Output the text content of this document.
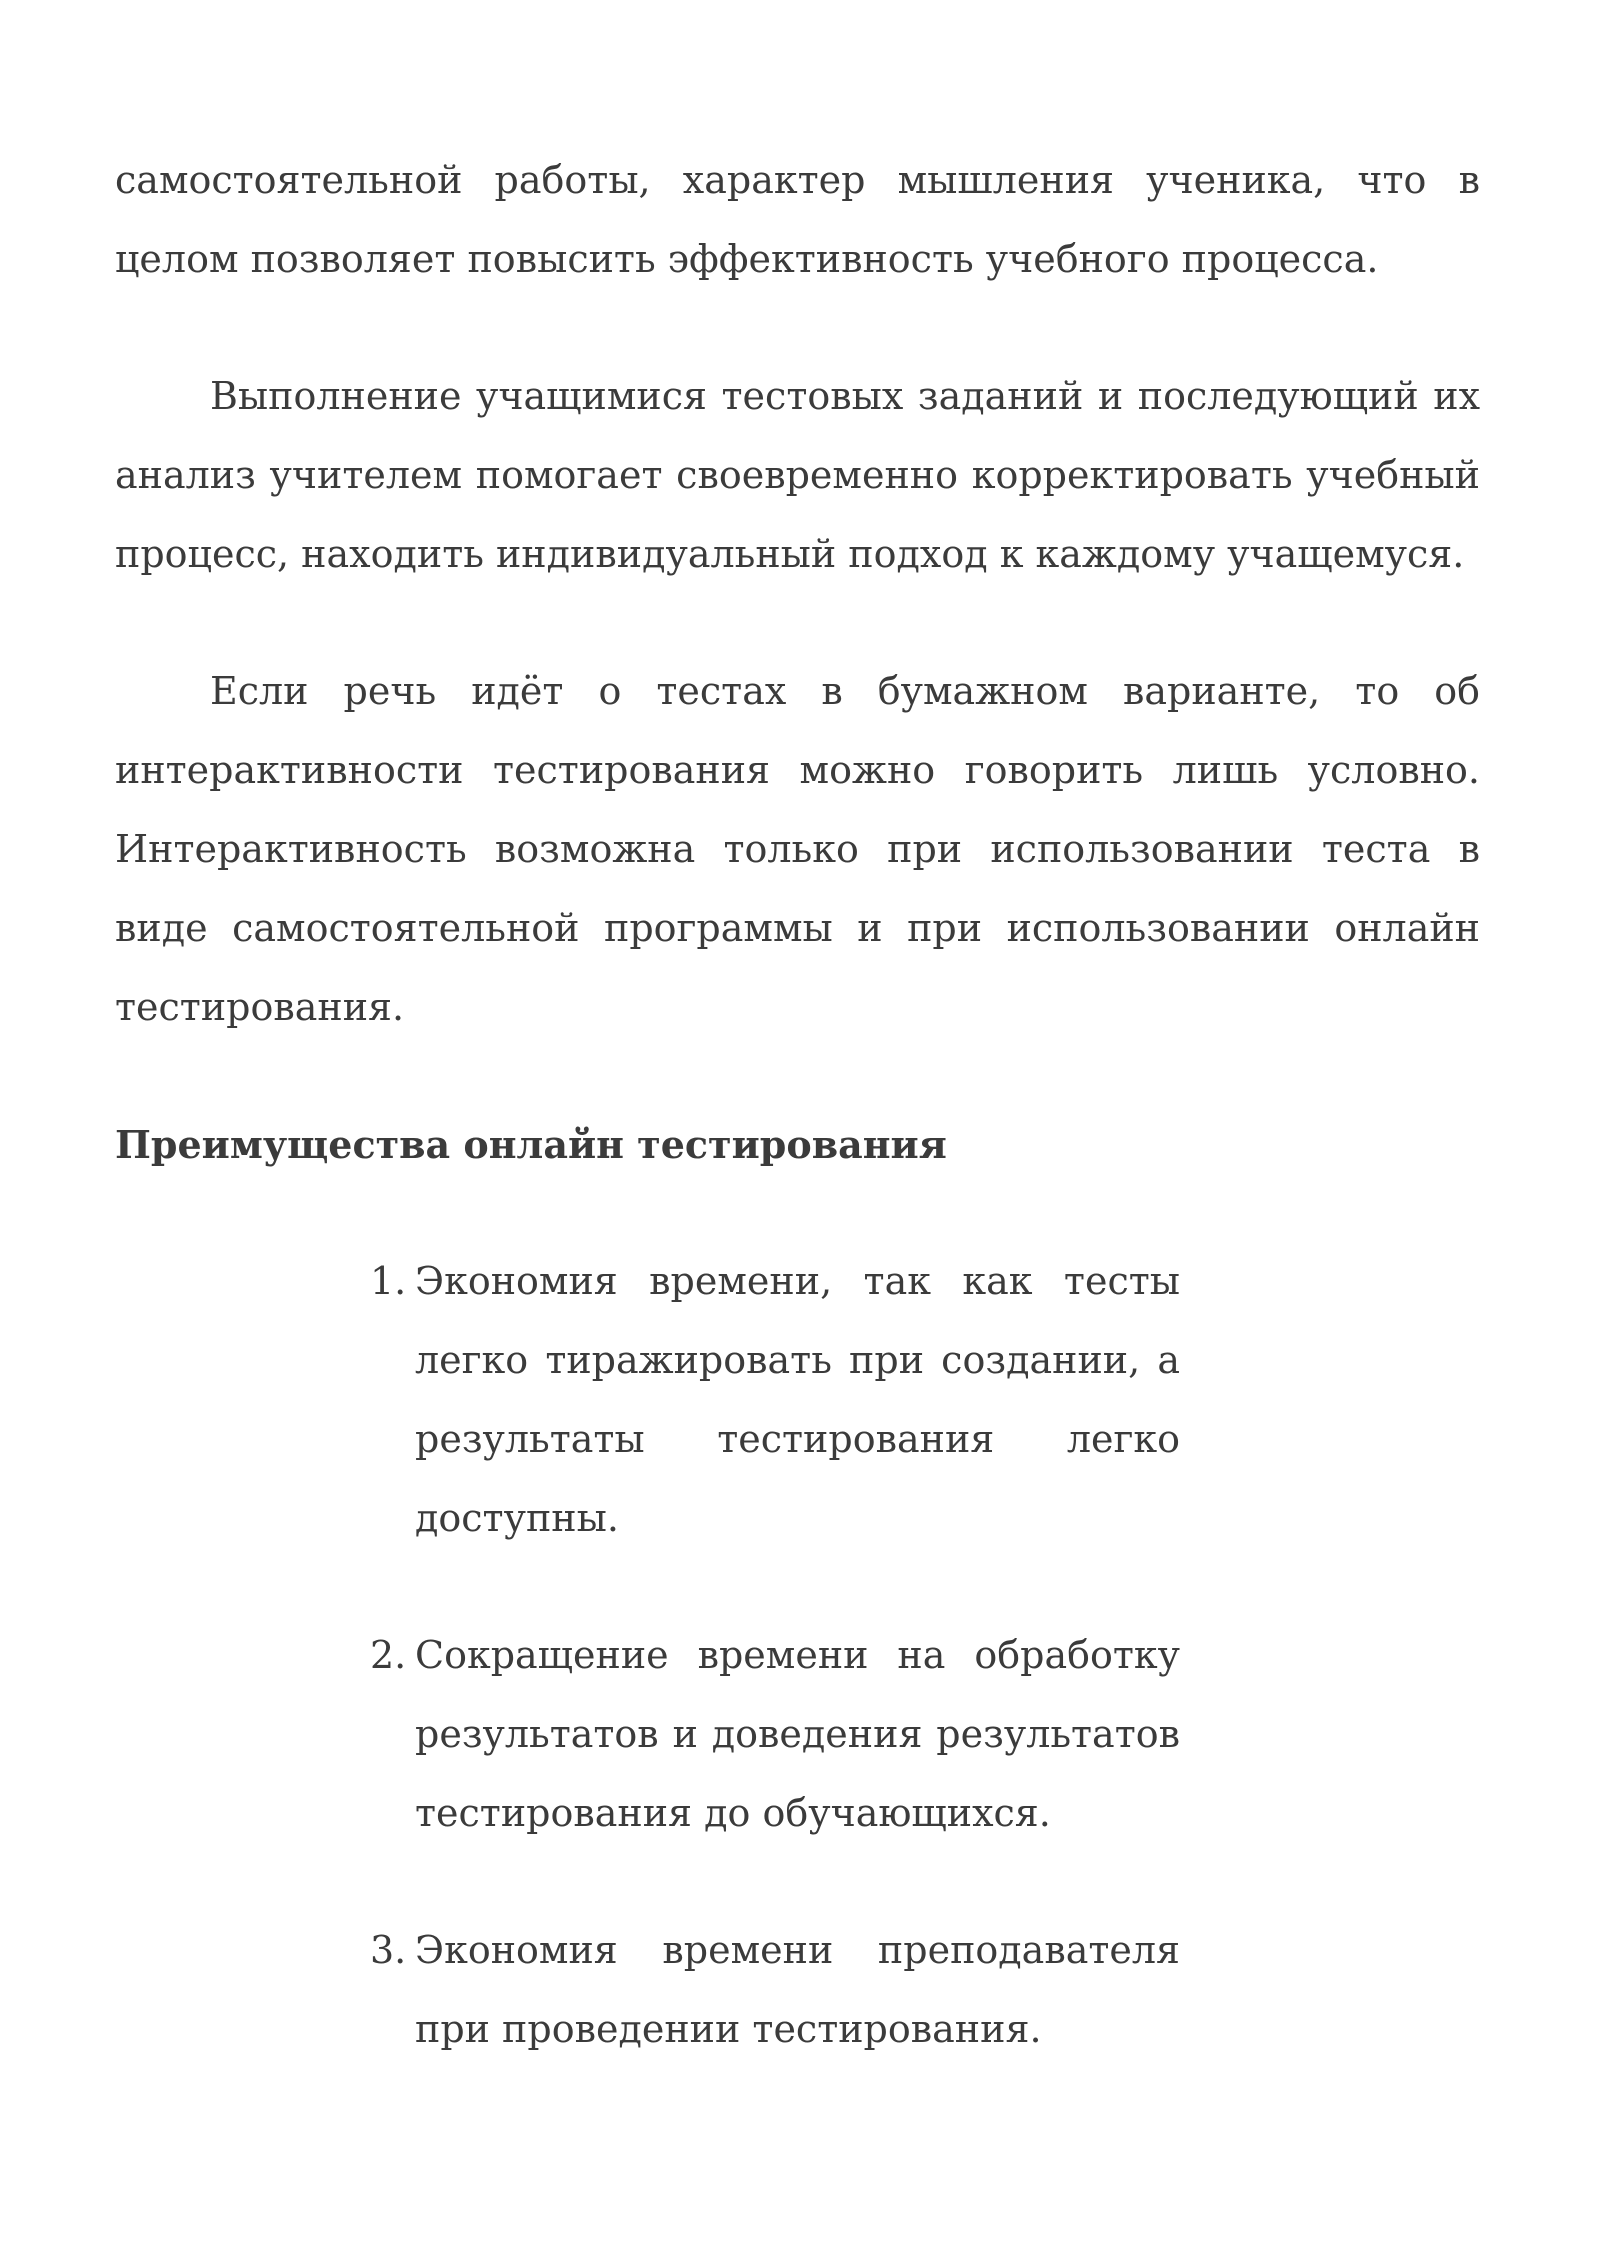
самостоятельной работы, характер мышления ученика, что в целом позволяет повысить эффективность учебного процесса.

Выполнение учащимися тестовых заданий и последующий их анализ учителем помогает своевременно корректировать учебный процесс, находить индивидуальный подход к каждому учащемуся.

Если речь идёт о тестах в бумажном варианте, то об интерактивности тестирования можно говорить лишь условно. Интерактивность возможна только при использовании теста в виде самостоятельной программы и при использовании онлайн тестирования.

Преимущества онлайн тестирования

1. Экономия времени, так как тесты легко тиражировать при создании, а результаты тестирования легко доступны.
2. Сокращение времени на обработку результатов и доведения результатов тестирования до обучающихся.
3. Экономия времени преподавателя при проведении тестирования.
